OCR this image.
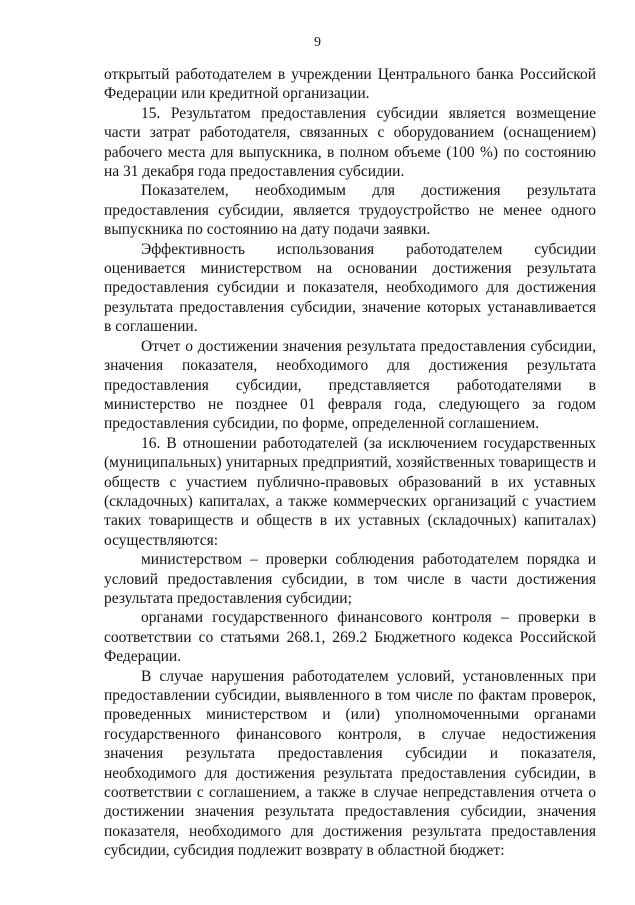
9

открытый работодателем в учреждении Центрального банка Российской Федерации или кредитной организации.

15. Результатом предоставления субсидии является возмещение части затрат работодателя, связанных с оборудованием (оснащением) рабочего места для выпускника, в полном объеме (100 %) по состоянию на 31 декабря года предоставления субсидии.

Показателем, необходимым для достижения результата предоставления субсидии, является трудоустройство не менее одного выпускника по состоянию на дату подачи заявки.

Эффективность использования работодателем субсидии оценивается министерством на основании достижения результата предоставления субсидии и показателя, необходимого для достижения результата предоставления субсидии, значение которых устанавливается в соглашении.

Отчет о достижении значения результата предоставления субсидии, значения показателя, необходимого для достижения результата предоставления субсидии, представляется работодателями в министерство не позднее 01 февраля года, следующего за годом предоставления субсидии, по форме, определенной соглашением.

16. В отношении работодателей (за исключением государственных (муниципальных) унитарных предприятий, хозяйственных товариществ и обществ с участием публично-правовых образований в их уставных (складочных) капиталах, а также коммерческих организаций с участием таких товариществ и обществ в их уставных (складочных) капиталах) осуществляются:

министерством – проверки соблюдения работодателем порядка и условий предоставления субсидии, в том числе в части достижения результата предоставления субсидии;

органами государственного финансового контроля – проверки в соответствии со статьями 268.1, 269.2 Бюджетного кодекса Российской Федерации.

В случае нарушения работодателем условий, установленных при предоставлении субсидии, выявленного в том числе по фактам проверок, проведенных министерством и (или) уполномоченными органами государственного финансового контроля, в случае недостижения значения результата предоставления субсидии и показателя, необходимого для достижения результата предоставления субсидии, в соответствии с соглашением, а также в случае непредставления отчета о достижении значения результата предоставления субсидии, значения показателя, необходимого для достижения результата предоставления субсидии, субсидия подлежит возврату в областной бюджет:
